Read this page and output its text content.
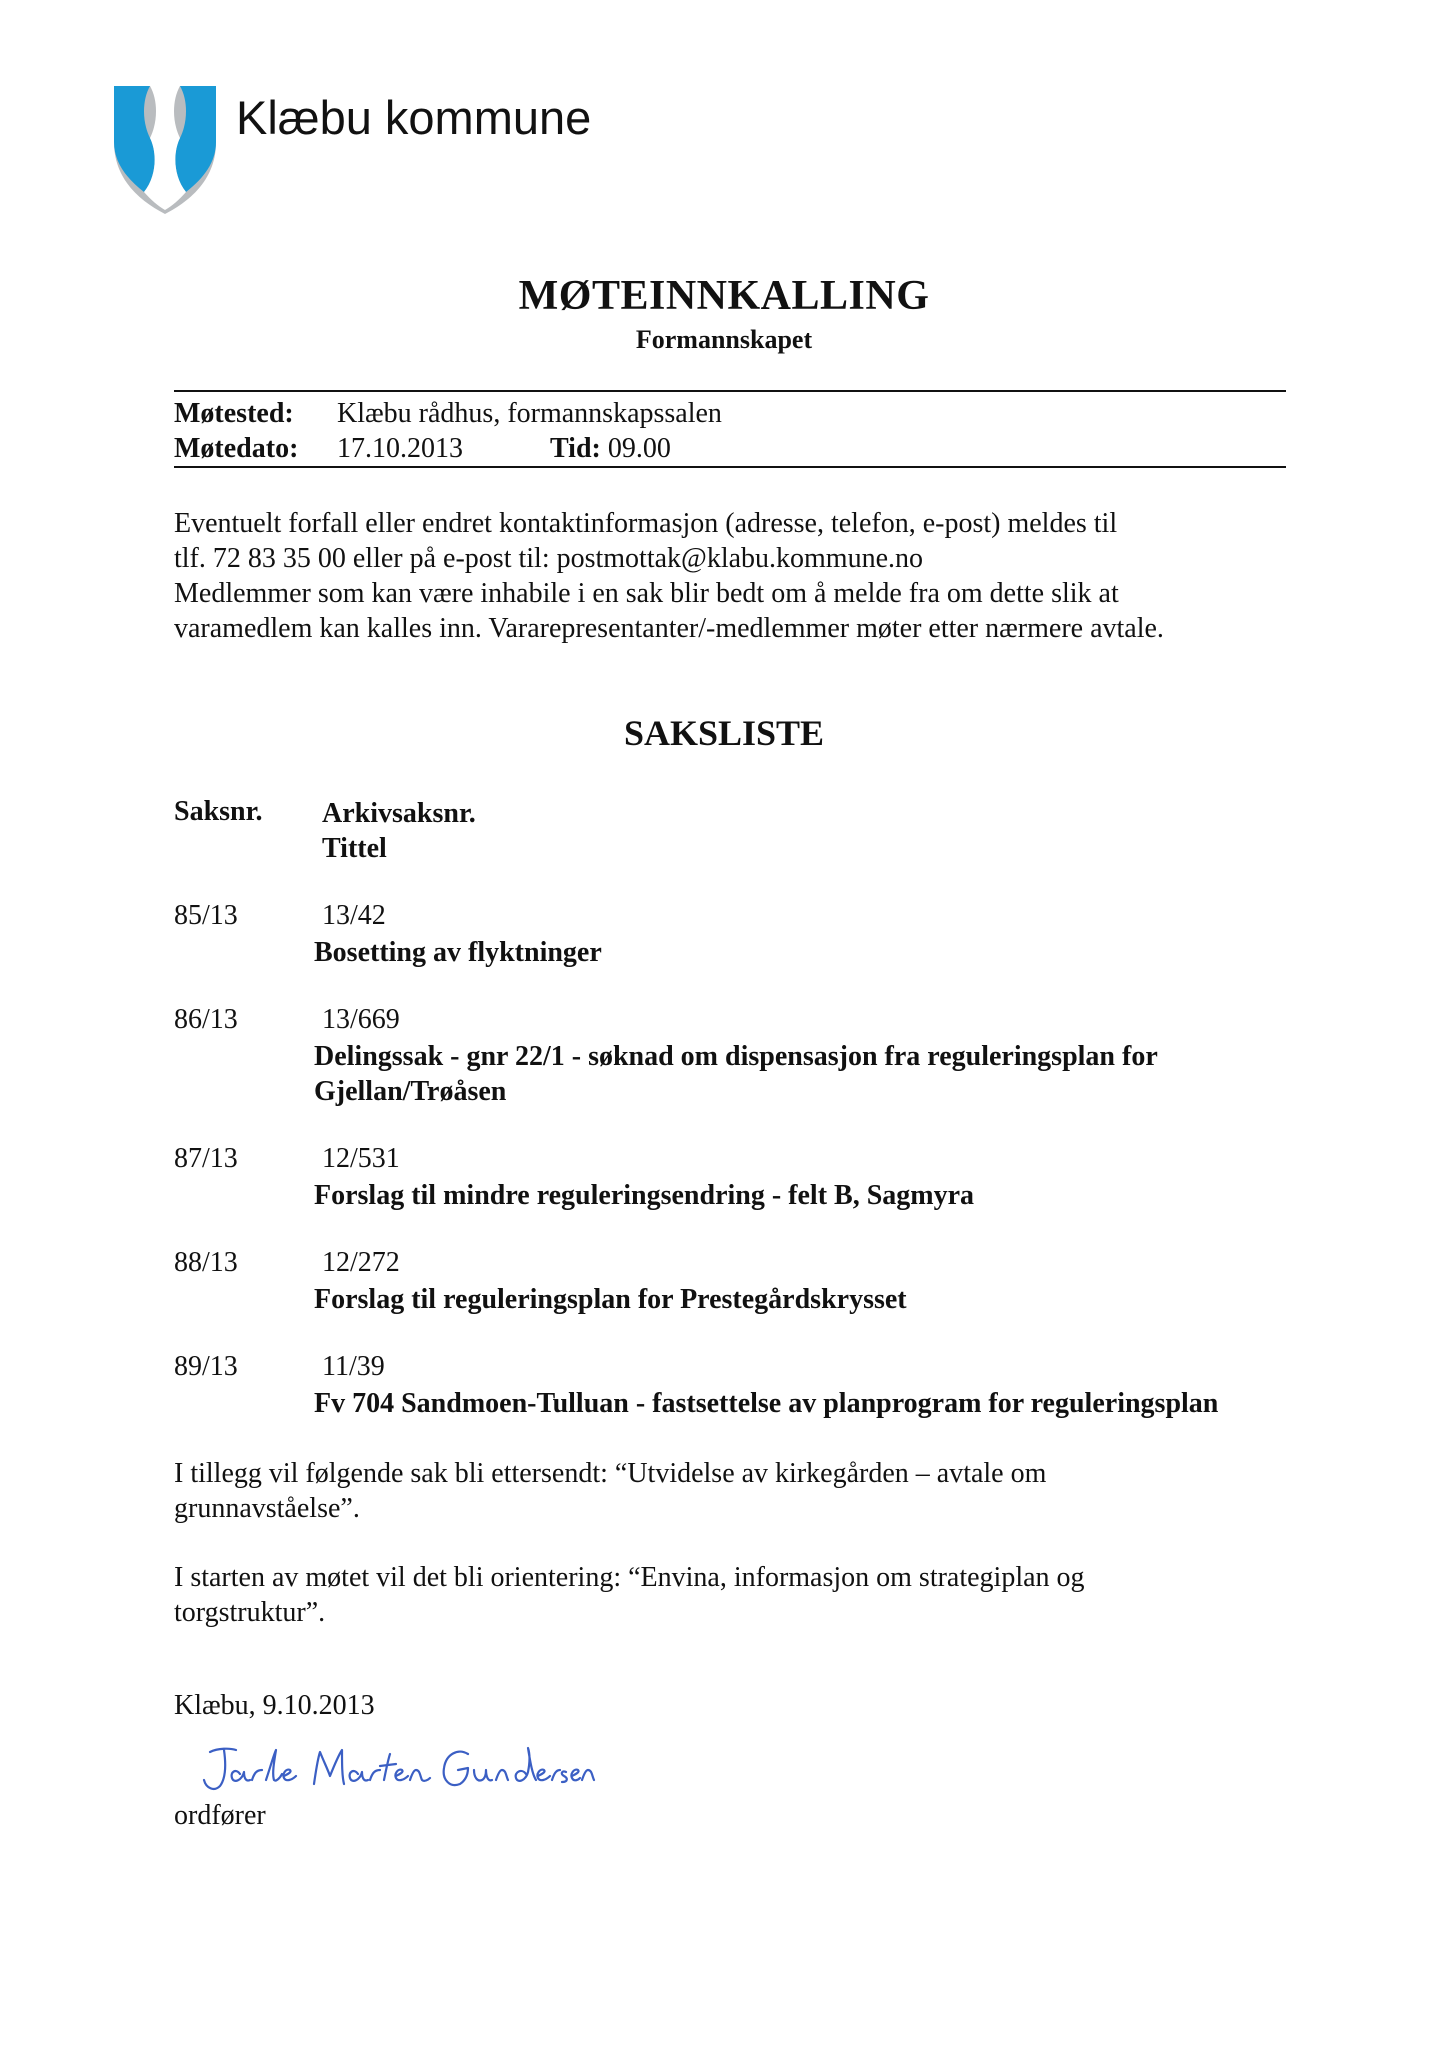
Klæbu kommune
MØTEINNKALLING
Formannskapet
Møtested: Klæbu rådhus, formannskapssalen
Møtedato: 17.10.2013	Tid: 09.00
Eventuelt forfall eller endret kontaktinformasjon (adresse, telefon, e-post) meldes til
tlf. 72 83 35 00 eller på e-post til: postmottak@klabu.kommune.no
Medlemmer som kan være inhabile i en sak blir bedt om å melde fra om dette slik at
varamedlem kan kalles inn. Vararepresentanter/-medlemmer møter etter nærmere avtale.
SAKSLISTE
Saksnr. Arkivsaksnr.
Tittel
85/13	13/42
Bosetting av flyktninger
86/13	13/669
Delingssak - gnr 22/1 - søknad om dispensasjon fra reguleringsplan for
Gjellan/Trøåsen
87/13	12/531
Forslag til mindre reguleringsendring - felt B, Sagmyra
88/13	12/272
Forslag til reguleringsplan for Prestegårdskrysset
89/13	11/39
Fv 704 Sandmoen-Tulluan - fastsettelse av planprogram for reguleringsplan
I tillegg vil følgende sak bli ettersendt: “Utvidelse av kirkegården – avtale om
grunnavståelse”.
I starten av møtet vil det bli orientering: “Envina, informasjon om strategiplan og
torgstruktur”.
Klæbu, 9.10.2013
ordfører
